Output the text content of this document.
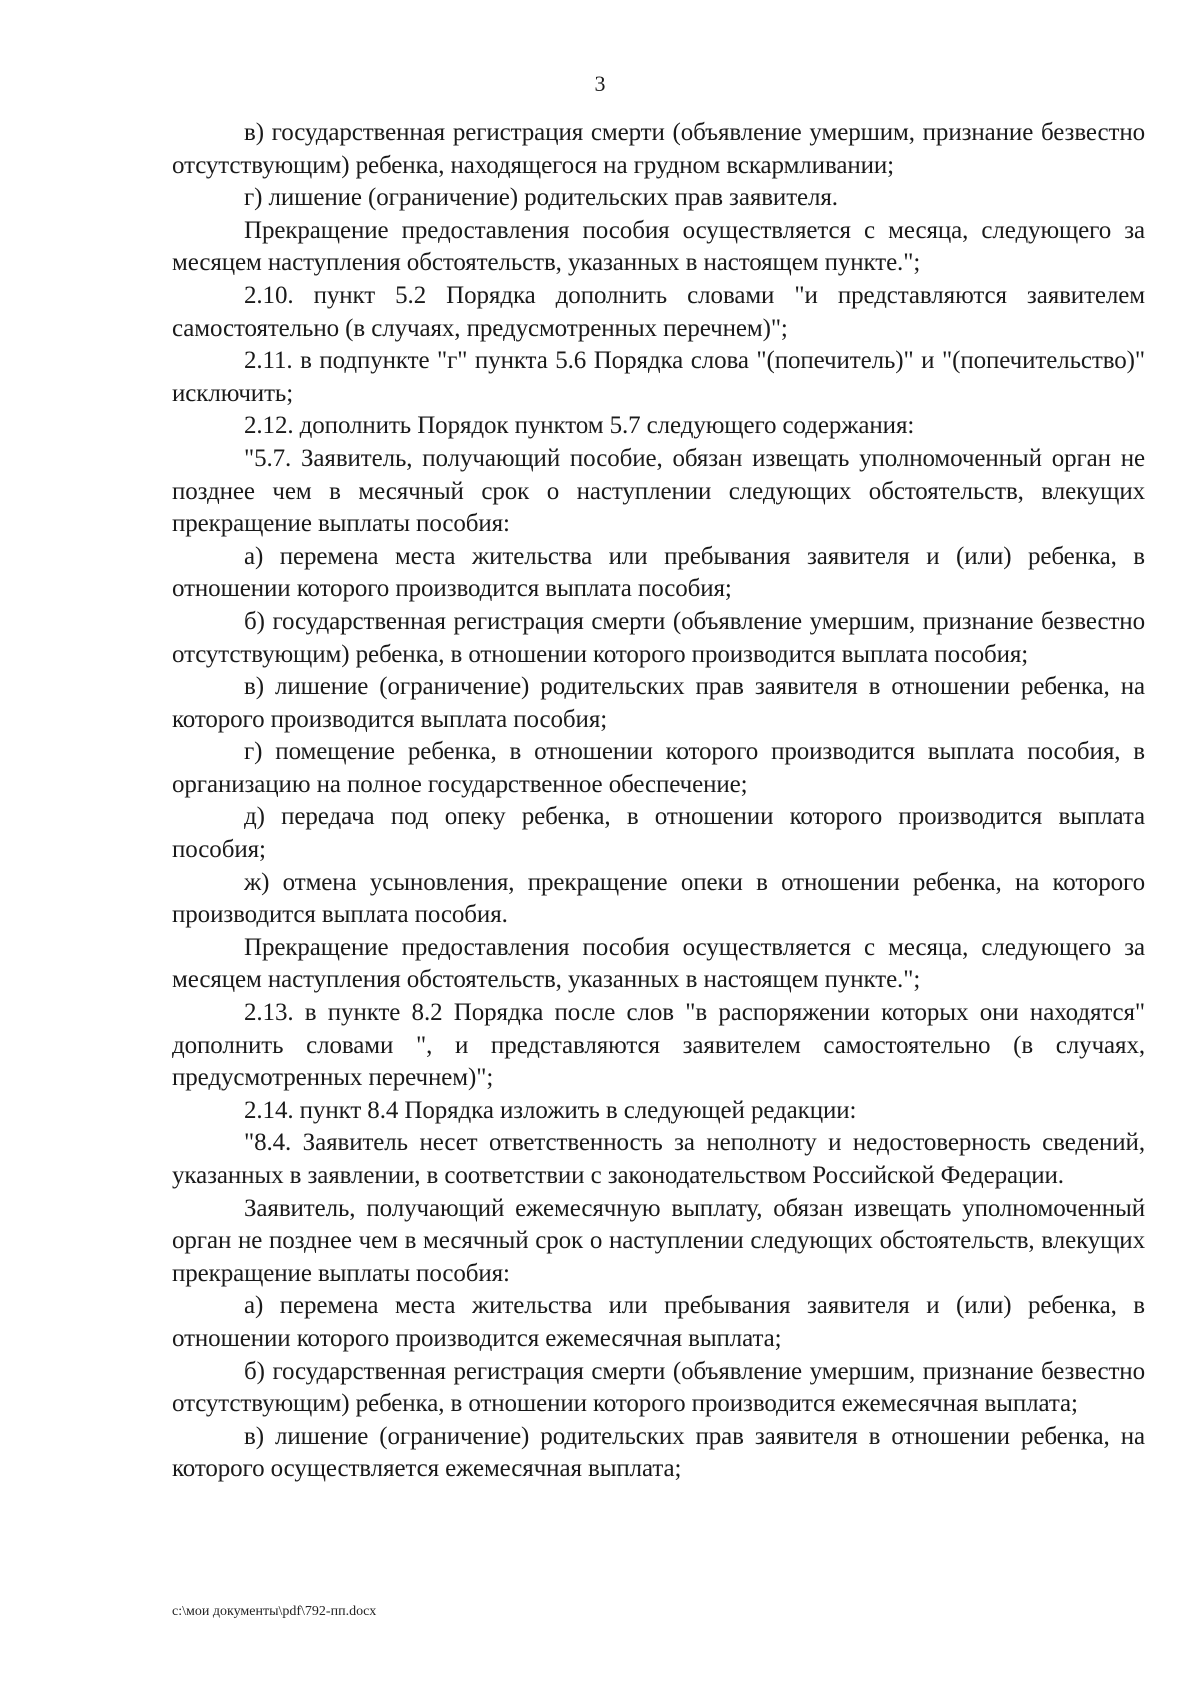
3

в) государственная регистрация смерти (объявление умершим, признание безвестно отсутствующим) ребенка, находящегося на грудном вскармливании;

г) лишение (ограничение) родительских прав заявителя.

Прекращение предоставления пособия осуществляется с месяца, следующего за месяцем наступления обстоятельств, указанных в настоящем пункте.";

2.10. пункт 5.2 Порядка дополнить словами "и представляются заявителем самостоятельно (в случаях, предусмотренных перечнем)";

2.11. в подпункте "г" пункта 5.6 Порядка слова "(попечитель)" и "(попечительство)" исключить;

2.12. дополнить Порядок пунктом 5.7 следующего содержания:

"5.7. Заявитель, получающий пособие, обязан извещать уполномоченный орган не позднее чем в месячный срок о наступлении следующих обстоятельств, влекущих прекращение выплаты пособия:

а) перемена места жительства или пребывания заявителя и (или) ребенка, в отношении которого производится выплата пособия;

б) государственная регистрация смерти (объявление умершим, признание безвестно отсутствующим) ребенка, в отношении которого производится выплата пособия;

в) лишение (ограничение) родительских прав заявителя в отношении ребенка, на которого производится выплата пособия;

г) помещение ребенка, в отношении которого производится выплата пособия, в организацию на полное государственное обеспечение;

д) передача под опеку ребенка, в отношении которого производится выплата пособия;

ж) отмена усыновления, прекращение опеки в отношении ребенка, на которого производится выплата пособия.

Прекращение предоставления пособия осуществляется с месяца, следующего за месяцем наступления обстоятельств, указанных в настоящем пункте.";

2.13. в пункте 8.2 Порядка после слов "в распоряжении которых они находятся" дополнить словами ", и представляются заявителем самостоятельно (в случаях, предусмотренных перечнем)";

2.14. пункт 8.4 Порядка изложить в следующей редакции:

"8.4. Заявитель несет ответственность за неполноту и недостоверность сведений, указанных в заявлении, в соответствии с законодательством Российской Федерации.

Заявитель, получающий ежемесячную выплату, обязан извещать уполномоченный орган не позднее чем в месячный срок о наступлении следующих обстоятельств, влекущих прекращение выплаты пособия:

а) перемена места жительства или пребывания заявителя и (или) ребенка, в отношении которого производится ежемесячная выплата;

б) государственная регистрация смерти (объявление умершим, признание безвестно отсутствующим) ребенка, в отношении которого производится ежемесячная выплата;

в) лишение (ограничение) родительских прав заявителя в отношении ребенка, на которого осуществляется ежемесячная выплата;

c:\мои документы\pdf\792-пп.docx
